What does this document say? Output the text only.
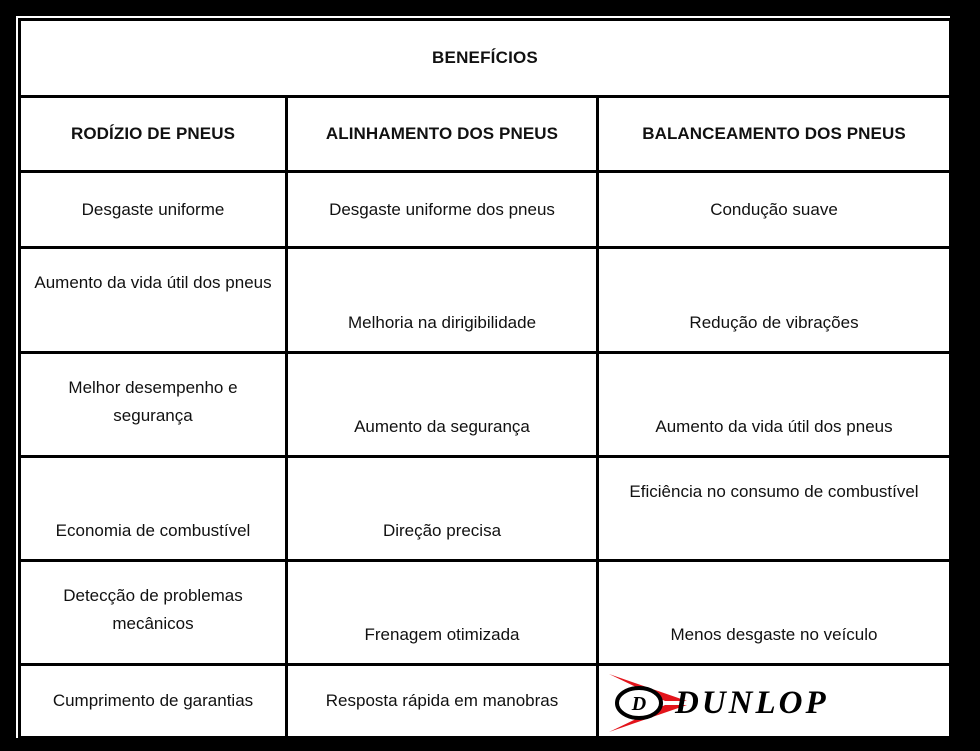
BENEFÍCIOS		
RODÍZIO DE PNEUS	ALINHAMENTO DOS PNEUS	BALANCEAMENTO DOS PNEUS
Desgaste uniforme	Desgaste uniforme dos pneus	Condução suave
Aumento da vida útil dos pneus	Melhoria na dirigibilidade	Redução de vibrações
Melhor desempenho e segurança	Aumento da segurança	Aumento da vida útil dos pneus
Economia de combustível	Direção precisa	Eficiência no consumo de combustível
Detecção de problemas mecânicos	Frenagem otimizada	Menos desgaste no veículo
Cumprimento de garantias	Resposta rápida em manobras	D DUNLOP
